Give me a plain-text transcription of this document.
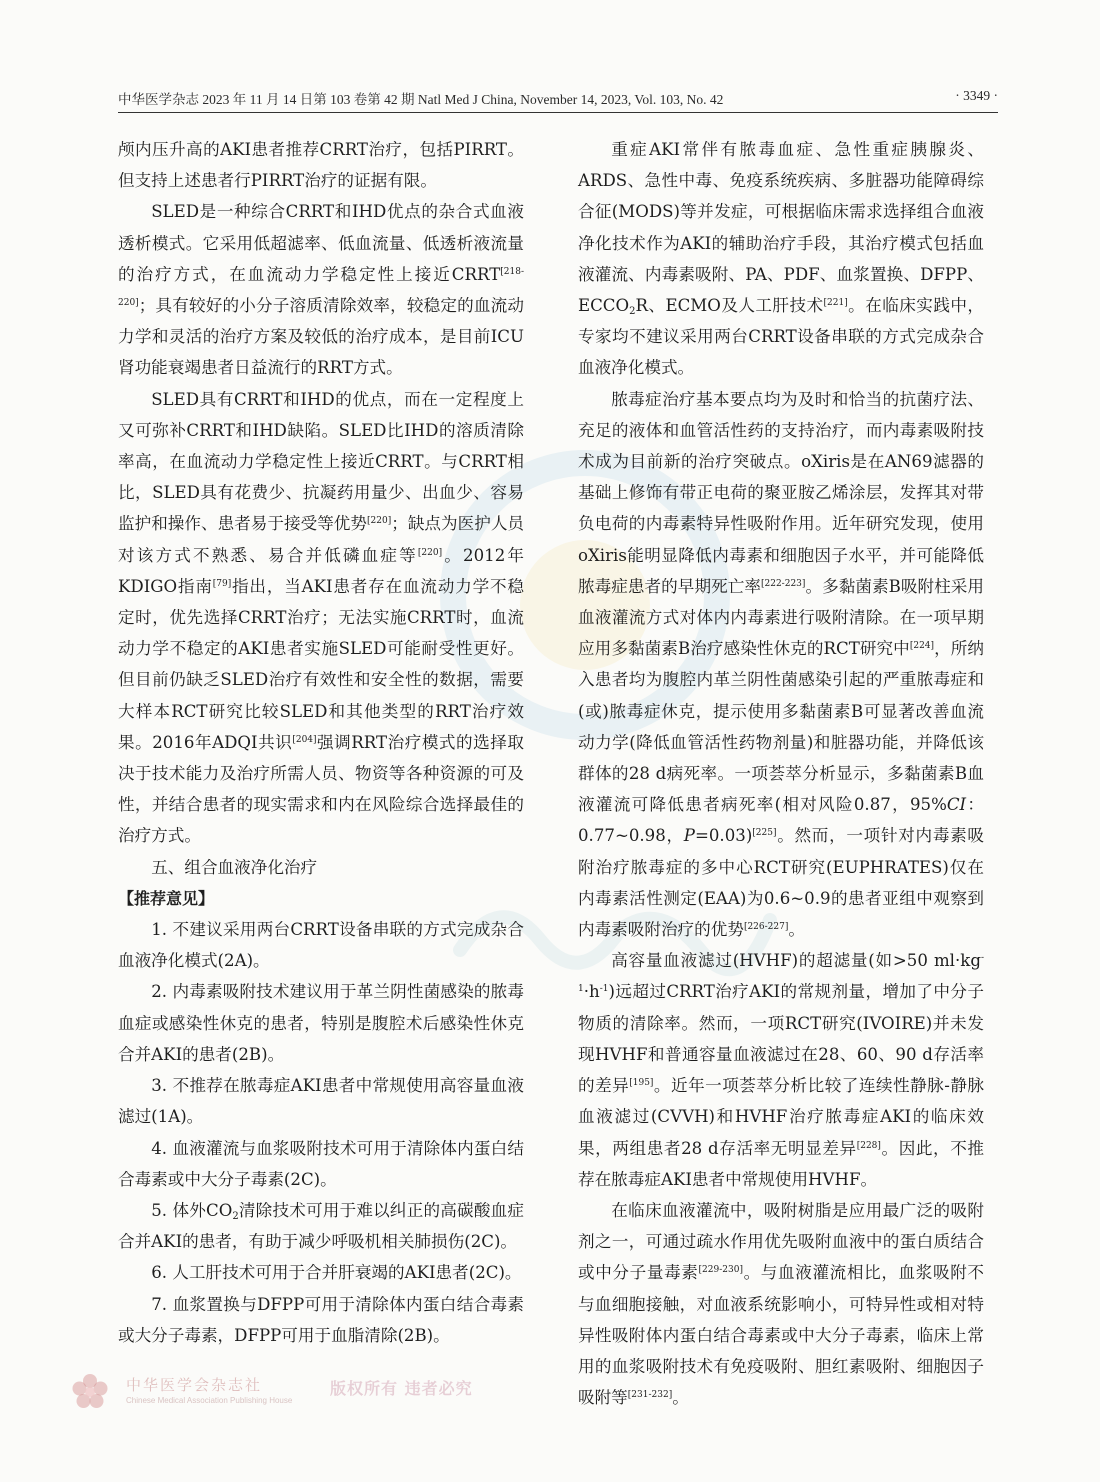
中华医学杂志 2023 年 11 月 14 日第 103 卷第 42 期 Natl Med J China, November 14, 2023, Vol. 103, No. 42	· 3349 ·

颅内压升高的AKI患者推荐CRRT治疗，包括PIRRT。但支持上述患者行PIRRT治疗的证据有限。

SLED是一种综合CRRT和IHD优点的杂合式血液透析模式。它采用低超滤率、低血流量、低透析液流量的治疗方式，在血流动力学稳定性上接近CRRT[218-220]；具有较好的小分子溶质清除效率，较稳定的血流动力学和灵活的治疗方案及较低的治疗成本，是目前ICU肾功能衰竭患者日益流行的RRT方式。

SLED具有CRRT和IHD的优点，而在一定程度上又可弥补CRRT和IHD缺陷。SLED比IHD的溶质清除率高，在血流动力学稳定性上接近CRRT。与CRRT相比，SLED具有花费少、抗凝药用量少、出血少、容易监护和操作、患者易于接受等优势[220]；缺点为医护人员对该方式不熟悉、易合并低磷血症等[220]。2012年KDIGO指南[79]指出，当AKI患者存在血流动力学不稳定时，优先选择CRRT治疗；无法实施CRRT时，血流动力学不稳定的AKI患者实施SLED可能耐受性更好。但目前仍缺乏SLED治疗有效性和安全性的数据，需要大样本RCT研究比较SLED和其他类型的RRT治疗效果。2016年ADQI共识[204]强调RRT治疗模式的选择取决于技术能力及治疗所需人员、物资等各种资源的可及性，并结合患者的现实需求和内在风险综合选择最佳的治疗方式。

五、组合血液净化治疗

【推荐意见】

1. 不建议采用两台CRRT设备串联的方式完成杂合血液净化模式(2A)。

2. 内毒素吸附技术建议用于革兰阴性菌感染的脓毒血症或感染性休克的患者，特别是腹腔术后感染性休克合并AKI的患者(2B)。

3. 不推荐在脓毒症AKI患者中常规使用高容量血液滤过(1A)。

4. 血液灌流与血浆吸附技术可用于清除体内蛋白结合毒素或中大分子毒素(2C)。

5. 体外$CO_2$清除技术可用于难以纠正的高碳酸血症合并AKI的患者，有助于减少呼吸机相关肺损伤(2C)。

6. 人工肝技术可用于合并肝衰竭的AKI患者(2C)。

7. 血浆置换与DFPP可用于清除体内蛋白结合毒素或大分子毒素，DFPP可用于血脂清除(2B)。

重症AKI常伴有脓毒血症、急性重症胰腺炎、ARDS、急性中毒、免疫系统疾病、多脏器功能障碍综合征(MODS)等并发症，可根据临床需求选择组合血液净化技术作为AKI的辅助治疗手段，其治疗模式包括血液灌流、内毒素吸附、PA、PDF、血浆置换、DFPP、$ECCO_2R$、ECMO及人工肝技术[221]。在临床实践中，专家均不建议采用两台CRRT设备串联的方式完成杂合血液净化模式。

脓毒症治疗基本要点均为及时和恰当的抗菌疗法、充足的液体和血管活性药的支持治疗，而内毒素吸附技术成为目前新的治疗突破点。oXiris是在AN69滤器的基础上修饰有带正电荷的聚亚胺乙烯涂层，发挥其对带负电荷的内毒素特异性吸附作用。近年研究发现，使用oXiris能明显降低内毒素和细胞因子水平，并可能降低脓毒症患者的早期死亡率[222-223]。多黏菌素B吸附柱采用血液灌流方式对体内内毒素进行吸附清除。在一项早期应用多黏菌素B治疗感染性休克的RCT研究中[224]，所纳入患者均为腹腔内革兰阴性菌感染引起的严重脓毒症和(或)脓毒症休克，提示使用多黏菌素B可显著改善血流动力学(降低血管活性药物剂量)和脏器功能，并降低该群体的28 d病死率。一项荟萃分析显示，多黏菌素B血液灌流可降低患者病死率(相对风险0.87，95%CI：0.77~0.98，P=0.03)[225]。然而，一项针对内毒素吸附治疗脓毒症的多中心RCT研究(EUPHRATES)仅在内毒素活性测定(EAA)为0.6~0.9的患者亚组中观察到内毒素吸附治疗的优势[226-227]。

高容量血液滤过(HVHF)的超滤量(如>50 $ml\cdot kg^{-1}\cdot h^{-1}$)远超过CRRT治疗AKI的常规剂量，增加了中分子物质的清除率。然而，一项RCT研究(IVOIRE)并未发现HVHF和普通容量血液滤过在28、60、90 d存活率的差异[195]。近年一项荟萃分析比较了连续性静脉-静脉血液滤过(CVVH)和HVHF治疗脓毒症AKI的临床效果，两组患者28 d存活率无明显差异[228]。因此，不推荐在脓毒症AKI患者中常规使用HVHF。

在临床血液灌流中，吸附树脂是应用最广泛的吸附剂之一，可通过疏水作用优先吸附血液中的蛋白质结合或中分子量毒素[229-230]。与血液灌流相比，血浆吸附不与血细胞接触，对血液系统影响小，可特异性或相对特异性吸附体内蛋白结合毒素或中大分子毒素，临床上常用的血浆吸附技术有免疫吸附、胆红素吸附、细胞因子吸附等[231-232]。

中华医学会杂志社
Chinese Medical Association Publishing House
版权所有 违者必究
